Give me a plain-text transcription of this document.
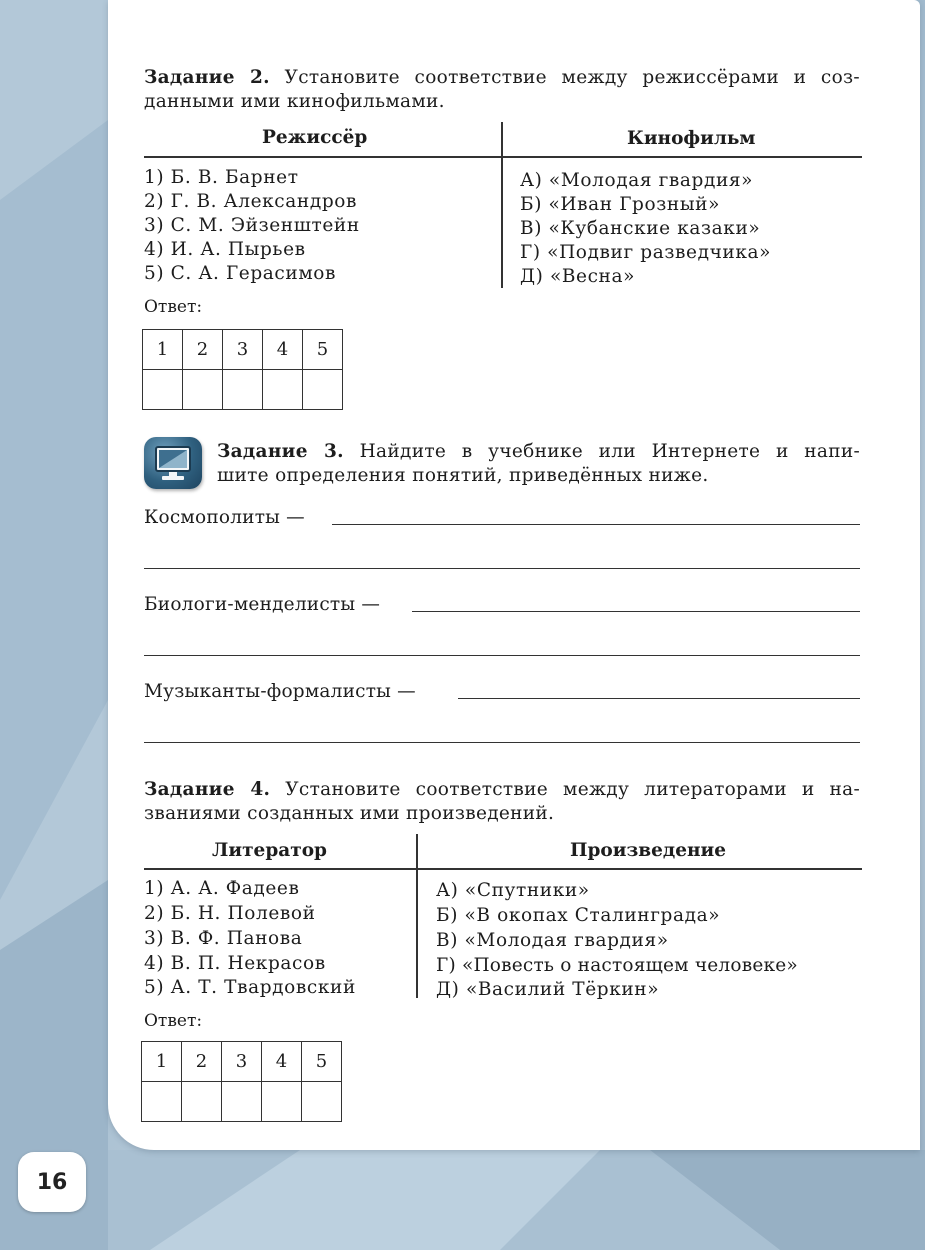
Задание 2. Установите соответствие между режиссёрами и соз-
данными ими кинофильмами.
Режиссёр	Кинофильм
1) Б. В. Барнет
2) Г. В. Александров
3) С. М. Эйзенштейн
4) И. А. Пырьев
5) С. А. Герасимов
А) «Молодая гвардия»
Б) «Иван Грозный»
В) «Кубанские казаки»
Г) «Подвиг разведчика»
Д) «Весна»
Ответ:
1	2	3	4	5

Задание 3. Найдите в учебнике или Интернете и напи-
шите определения понятий, приведённых ниже.
Космополиты —
Биологи-менделисты —
Музыканты-формалисты —
Задание 4. Установите соответствие между литераторами и на-
званиями созданных ими произведений.
Литератор	Произведение
1) А. А. Фадеев
2) Б. Н. Полевой
3) В. Ф. Панова
4) В. П. Некрасов
5) А. Т. Твардовский
А) «Спутники»
Б) «В окопах Сталинграда»
В) «Молодая гвардия»
Г) «Повесть о настоящем человеке»
Д) «Василий Тёркин»
Ответ:
1	2	3	4	5

16
